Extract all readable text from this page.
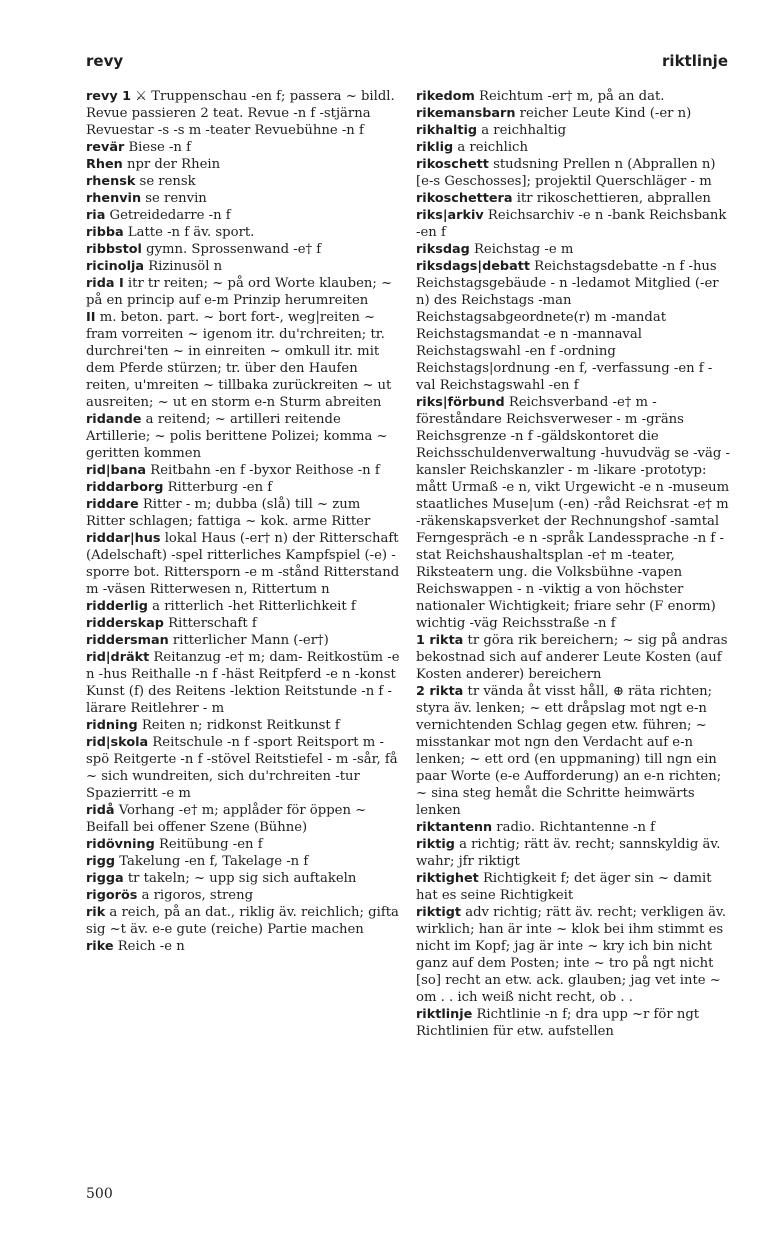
revy	riktlinje
revy 1 ⚔ Truppenschau -en f; passera ~ bildl. Revue passieren 2 teat. Revue -n f -stjärna Revuestar -s -s m -teater Revuebühne -n f
revär Biese -n f
Rhen npr der Rhein
rhensk se rensk
rhenvin se renvin
ria Getreidedarre -n f
ribba Latte -n f äv. sport.
ribbstol gymn. Sprossenwand -e† f
ricinolja Rizinusöl n
rida I itr tr reiten; ~ på ord Worte klauben; ~ på en princip auf e-m Prinzip herumreiten
II m. beton. part. ~ bort fort-, weg|reiten ~ fram vorreiten ~ igenom itr. du'rchreiten; tr. durchrei'ten ~ in einreiten ~ omkull itr. mit dem Pferde stürzen; tr. über den Haufen reiten, u'mreiten ~ tillbaka zurückreiten ~ ut ausreiten; ~ ut en storm e-n Sturm abreiten
ridande a reitend; ~ artilleri reitende Artillerie; ~ polis berittene Polizei; komma ~ geritten kommen
rid|bana Reitbahn -en f -byxor Reithose -n f
riddarborg Ritterburg -en f
riddare Ritter - m; dubba (slå) till ~ zum Ritter schlagen; fattiga ~ kok. arme Ritter
riddar|hus lokal Haus (-er† n) der Ritterschaft (Adelschaft) -spel ritterliches Kampfspiel (-e) -sporre bot. Rittersporn -e m -stånd Ritterstand m -väsen Ritterwesen n, Rittertum n
ridderlig a ritterlich -het Ritterlichkeit f
ridderskap Ritterschaft f
riddersman ritterlicher Mann (-er†)
rid|dräkt Reitanzug -e† m; dam- Reitkostüm -e n -hus Reithalle -n f -häst Reitpferd -e n -konst Kunst (f) des Reitens -lektion Reitstunde -n f -lärare Reitlehrer - m
ridning Reiten n; ridkonst Reitkunst f
rid|skola Reitschule -n f -sport Reitsport m -spö Reitgerte -n f -stövel Reitstiefel - m -sår, få ~ sich wundreiten, sich du'rchreiten -tur Spazierritt -e m
ridå Vorhang -e† m; applåder för öppen ~ Beifall bei offener Szene (Bühne)
ridövning Reitübung -en f
rigg Takelung -en f, Takelage -n f
rigga tr takeln; ~ upp sig sich auftakeln
rigorös a rigoros, streng
rik a reich, på an dat., riklig äv. reichlich; gifta sig ~t äv. e-e gute (reiche) Partie machen
rike Reich -e n
rikedom Reichtum -er† m, på an dat.
rikemansbarn reicher Leute Kind (-er n)
rikhaltig a reichhaltig
riklig a reichlich
rikoschett studsning Prellen n (Abprallen n) [e-s Geschosses]; projektil Querschläger - m
rikoschettera itr rikoschettieren, abprallen
riks|arkiv Reichsarchiv -e n -bank Reichsbank -en f
riksdag Reichstag -e m
riksdags|debatt Reichstagsdebatte -n f -hus Reichstagsgebäude - n -ledamot Mitglied (-er n) des Reichstags -man Reichstagsabgeordnete(r) m -mandat Reichstagsmandat -e n -mannaval Reichstagswahl -en f -ordning Reichstags|ordnung -en f, -verfassung -en f -val Reichstagswahl -en f
riks|förbund Reichsverband -e† m -föreståndare Reichsverweser - m -gräns Reichsgrenze -n f -gäldskontoret die Reichsschuldenverwaltung -huvudväg se -väg -kansler Reichskanzler - m -likare -prototyp: mått Urmaß -e n, vikt Urgewicht -e n -museum staatliches Muse|um (-en) -råd Reichsrat -e† m -räkenskapsverket der Rechnungshof -samtal Ferngespräch -e n -språk Landessprache -n f -stat Reichshaushaltsplan -e† m -teater, Riksteatern ung. die Volksbühne -vapen Reichswappen - n -viktig a von höchster nationaler Wichtigkeit; friare sehr (F enorm) wichtig -väg Reichsstraße -n f
1 rikta tr göra rik bereichern; ~ sig på andras bekostnad sich auf anderer Leute Kosten (auf Kosten anderer) bereichern
2 rikta tr vända åt visst håll, ⊕ räta richten; styra äv. lenken; ~ ett dråpslag mot ngt e-n vernichtenden Schlag gegen etw. führen; ~ misstankar mot ngn den Verdacht auf e-n lenken; ~ ett ord (en uppmaning) till ngn ein paar Worte (e-e Aufforderung) an e-n richten; ~ sina steg hemåt die Schritte heimwärts lenken
riktantenn radio. Richtantenne -n f
riktig a richtig; rätt äv. recht; sannskyldig äv. wahr; jfr riktigt
riktighet Richtigkeit f; det äger sin ~ damit hat es seine Richtigkeit
riktigt adv richtig; rätt äv. recht; verkligen äv. wirklich; han är inte ~ klok bei ihm stimmt es nicht im Kopf; jag är inte ~ kry ich bin nicht ganz auf dem Posten; inte ~ tro på ngt nicht [so] recht an etw. ack. glauben; jag vet inte ~ om . . ich weiß nicht recht, ob . .
riktlinje Richtlinie -n f; dra upp ~r för ngt Richtlinien für etw. aufstellen
500
